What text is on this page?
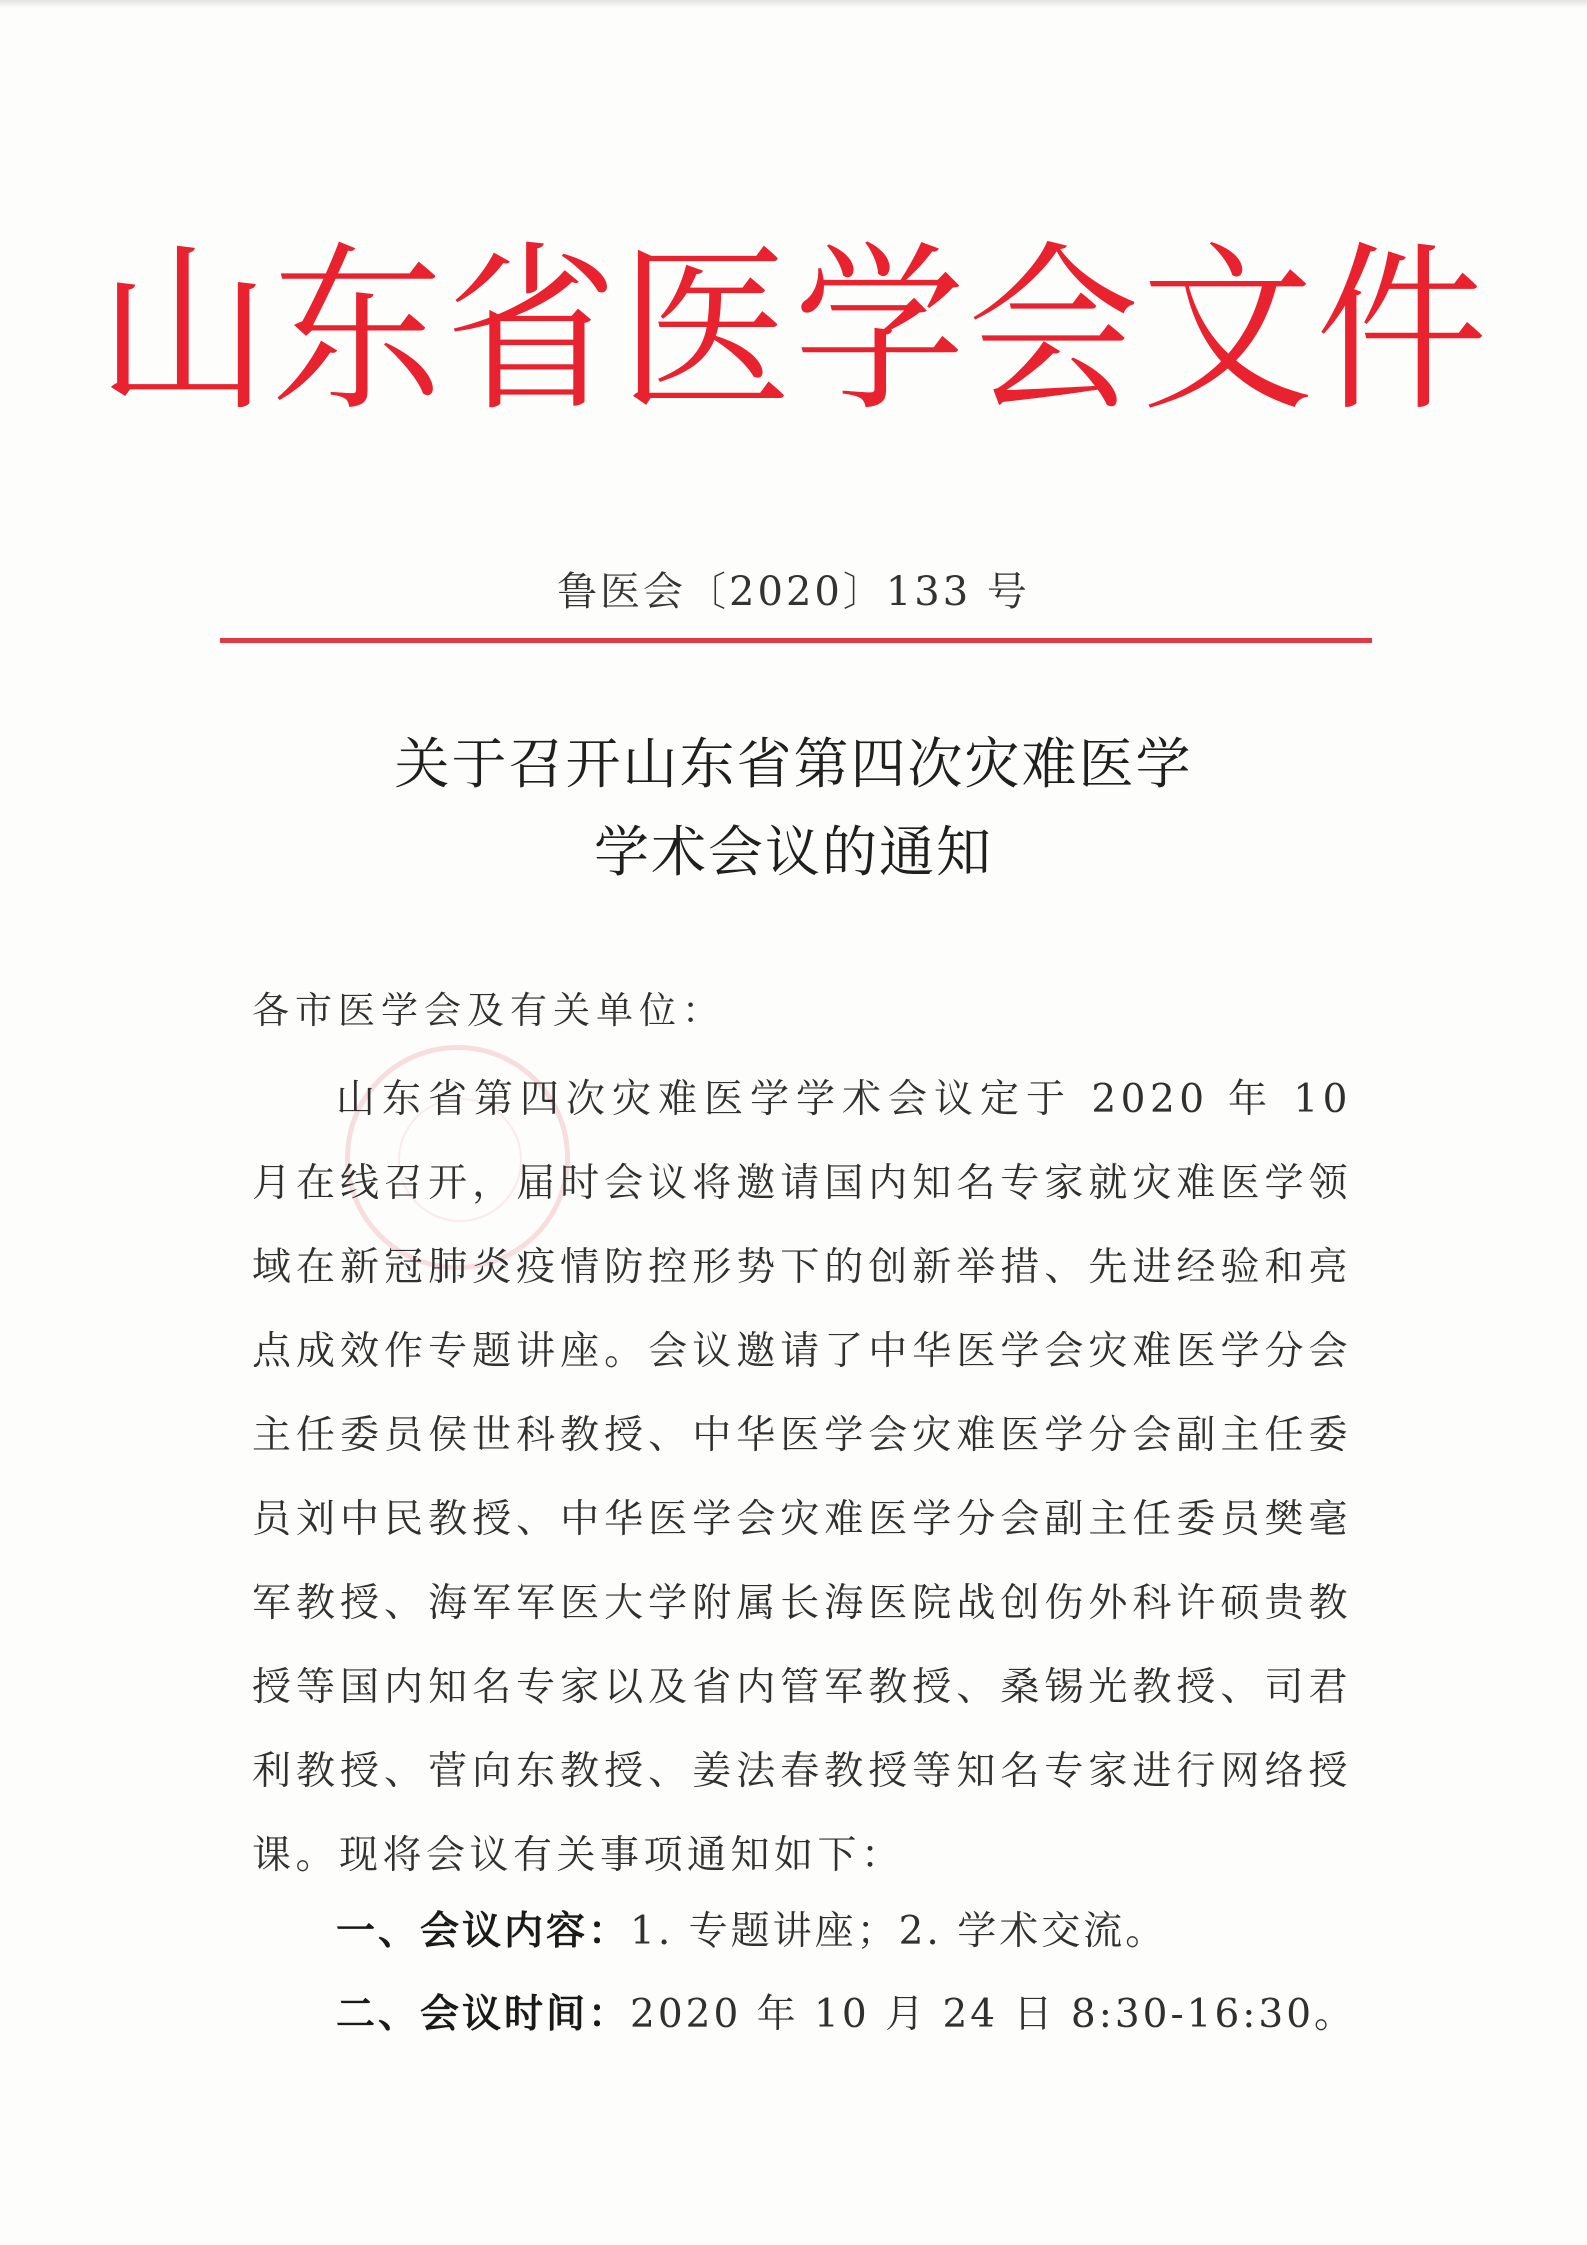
山东省医学会文件
鲁医会〔2020〕133 号
关于召开山东省第四次灾难医学
学术会议的通知
各市医学会及有关单位：
山东省第四次灾难医学学术会议定于 2020 年 10 月在线召开，届时会议将邀请国内知名专家就灾难医学领域在新冠肺炎疫情防控形势下的创新举措、先进经验和亮点成效作专题讲座。会议邀请了中华医学会灾难医学分会主任委员侯世科教授、中华医学会灾难医学分会副主任委员刘中民教授、中华医学会灾难医学分会副主任委员樊毫军教授、海军军医大学附属长海医院战创伤外科许硕贵教授等国内知名专家以及省内管军教授、桑锡光教授、司君利教授、菅向东教授、姜法春教授等知名专家进行网络授课。现将会议有关事项通知如下：
一、会议内容：1. 专题讲座；2. 学术交流。
二、会议时间：2020 年 10 月 24 日 8:30-16:30。
